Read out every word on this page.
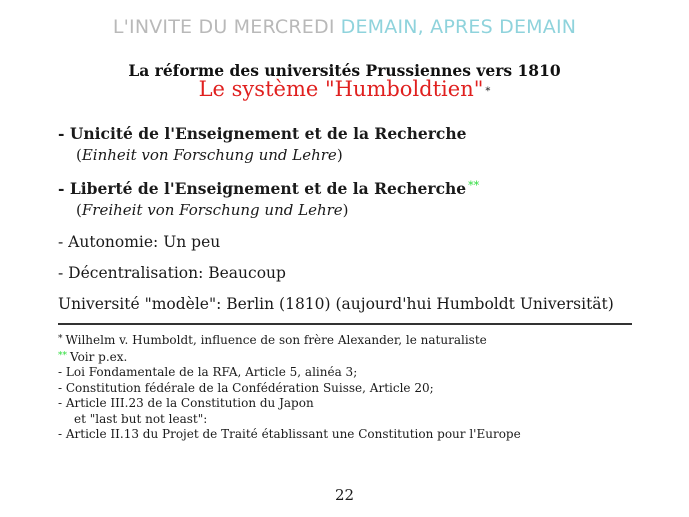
L'INVITE DU MERCREDI DEMAIN, APRES DEMAIN
La réforme des universités Prussiennes vers 1810
Le système "Humboldtien" *
- Unicité de l'Enseignement et de la Recherche
(Einheit von Forschung und Lehre)
- Liberté de l'Enseignement et de la Recherche **
(Freiheit von Forschung und Lehre)
- Autonomie: Un peu
- Décentralisation: Beaucoup
Université "modèle": Berlin (1810) (aujourd'hui Humboldt Universität)
* Wilhelm v. Humboldt, influence de son frère Alexander, le naturaliste
** Voir p.ex.
- Loi Fondamentale de la RFA, Article 5, alinéa 3;
- Constitution fédérale de la Confédération Suisse, Article 20;
- Article III.23 de la Constitution du Japon
et "last but not least":
- Article II.13 du Projet de Traité établissant une Constitution pour l'Europe
22
